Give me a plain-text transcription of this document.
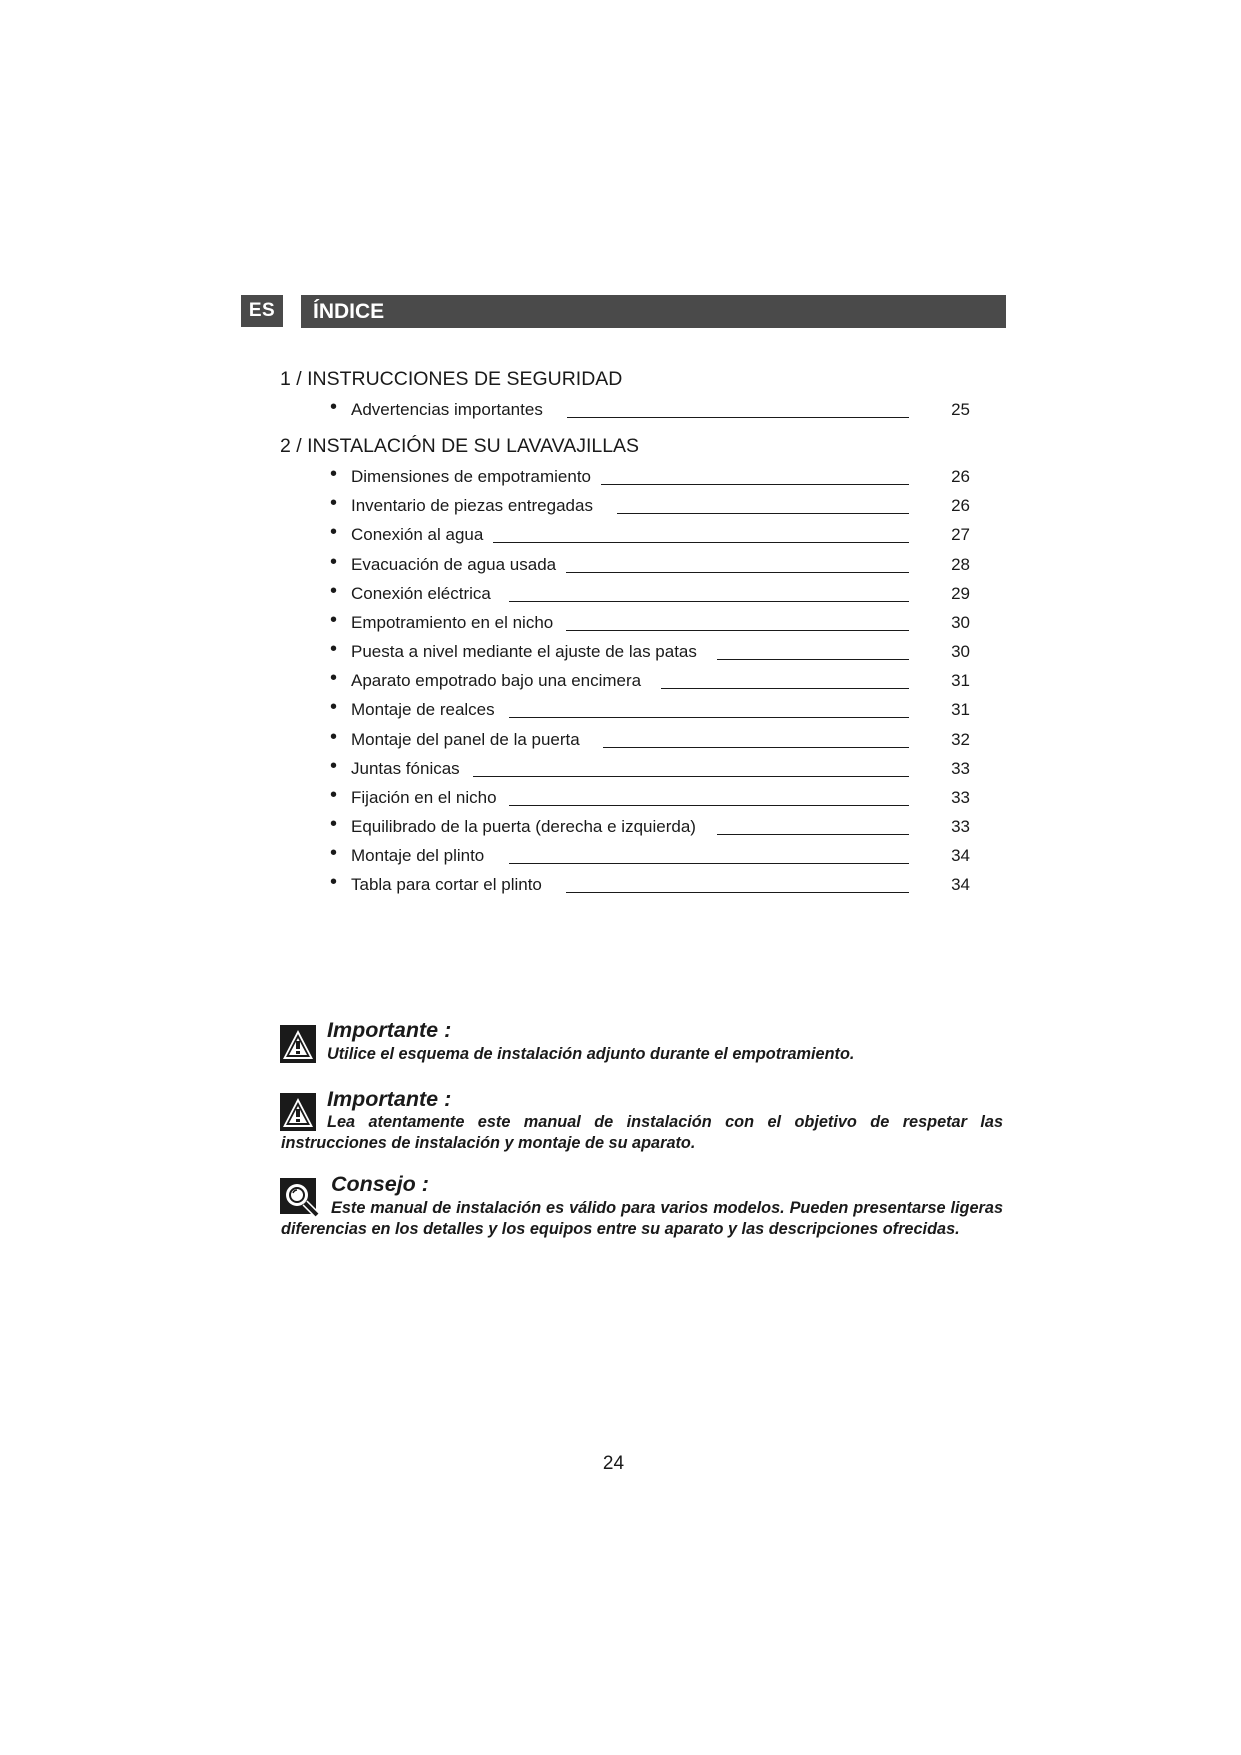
ES	ÍNDICE
1 / INSTRUCCIONES DE SEGURIDAD
• Advertencias importantes	25
2 / INSTALACIÓN DE SU LAVAVAJILLAS
• Dimensiones de empotramiento	26
• Inventario de piezas entregadas	26
• Conexión al agua	27
• Evacuación de agua usada	28
• Conexión eléctrica	29
• Empotramiento en el nicho	30
• Puesta a nivel mediante el ajuste de las patas	30
• Aparato empotrado bajo una encimera	31
• Montaje de realces	31
• Montaje del panel de la puerta	32
• Juntas fónicas	33
• Fijación en el nicho	33
• Equilibrado de la puerta (derecha e izquierda)	33
• Montaje del plinto	34
• Tabla para cortar el plinto	34
Importante :
Utilice el esquema de instalación adjunto durante el empotramiento.
Importante :
Lea atentamente este manual de instalación con el objetivo de respetar las instrucciones de instalación y montaje de su aparato.
Consejo :
Este manual de instalación es válido para varios modelos. Pueden presentarse ligeras diferencias en los detalles y los equipos entre su aparato y las descripciones ofrecidas.
24
